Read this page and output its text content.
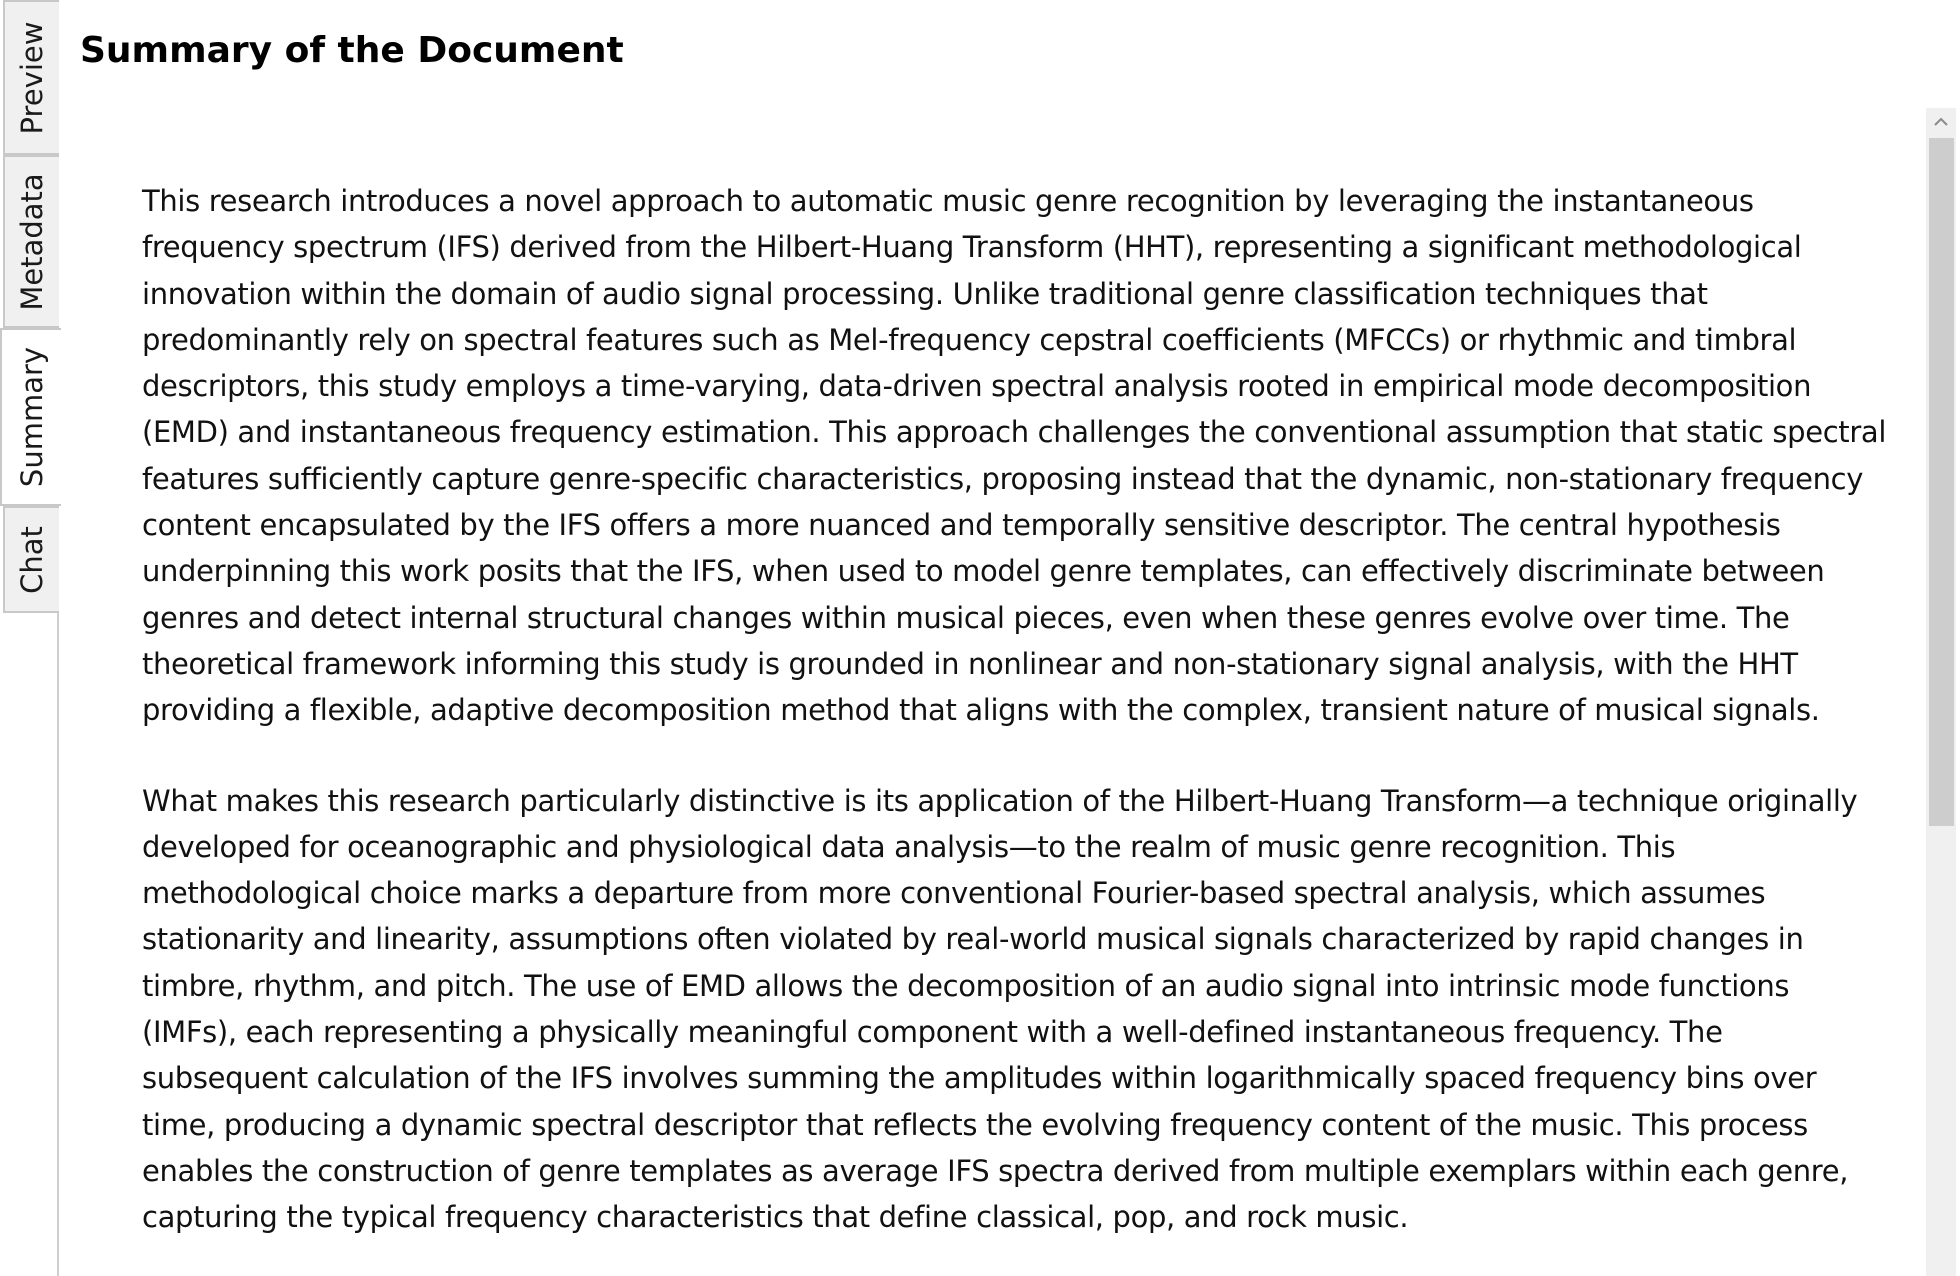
Preview
Metadata
Summary
Chat
Summary of the Document

This research introduces a novel approach to automatic music genre recognition by leveraging the instantaneous frequency spectrum (IFS) derived from the Hilbert-Huang Transform (HHT), representing a significant methodological innovation within the domain of audio signal processing. Unlike traditional genre classification techniques that predominantly rely on spectral features such as Mel-frequency cepstral coefficients (MFCCs) or rhythmic and timbral descriptors, this study employs a time-varying, data-driven spectral analysis rooted in empirical mode decomposition (EMD) and instantaneous frequency estimation. This approach challenges the conventional assumption that static spectral features sufficiently capture genre-specific characteristics, proposing instead that the dynamic, non-stationary frequency content encapsulated by the IFS offers a more nuanced and temporally sensitive descriptor. The central hypothesis underpinning this work posits that the IFS, when used to model genre templates, can effectively discriminate between genres and detect internal structural changes within musical pieces, even when these genres evolve over time. The theoretical framework informing this study is grounded in nonlinear and non-stationary signal analysis, with the HHT providing a flexible, adaptive decomposition method that aligns with the complex, transient nature of musical signals.

What makes this research particularly distinctive is its application of the Hilbert-Huang Transform—a technique originally developed for oceanographic and physiological data analysis—to the realm of music genre recognition. This methodological choice marks a departure from more conventional Fourier-based spectral analysis, which assumes stationarity and linearity, assumptions often violated by real-world musical signals characterized by rapid changes in timbre, rhythm, and pitch. The use of EMD allows the decomposition of an audio signal into intrinsic mode functions (IMFs), each representing a physically meaningful component with a well-defined instantaneous frequency. The subsequent calculation of the IFS involves summing the amplitudes within logarithmically spaced frequency bins over time, producing a dynamic spectral descriptor that reflects the evolving frequency content of the music. This process enables the construction of genre templates as average IFS spectra derived from multiple exemplars within each genre, capturing the typical frequency characteristics that define classical, pop, and rock music.
